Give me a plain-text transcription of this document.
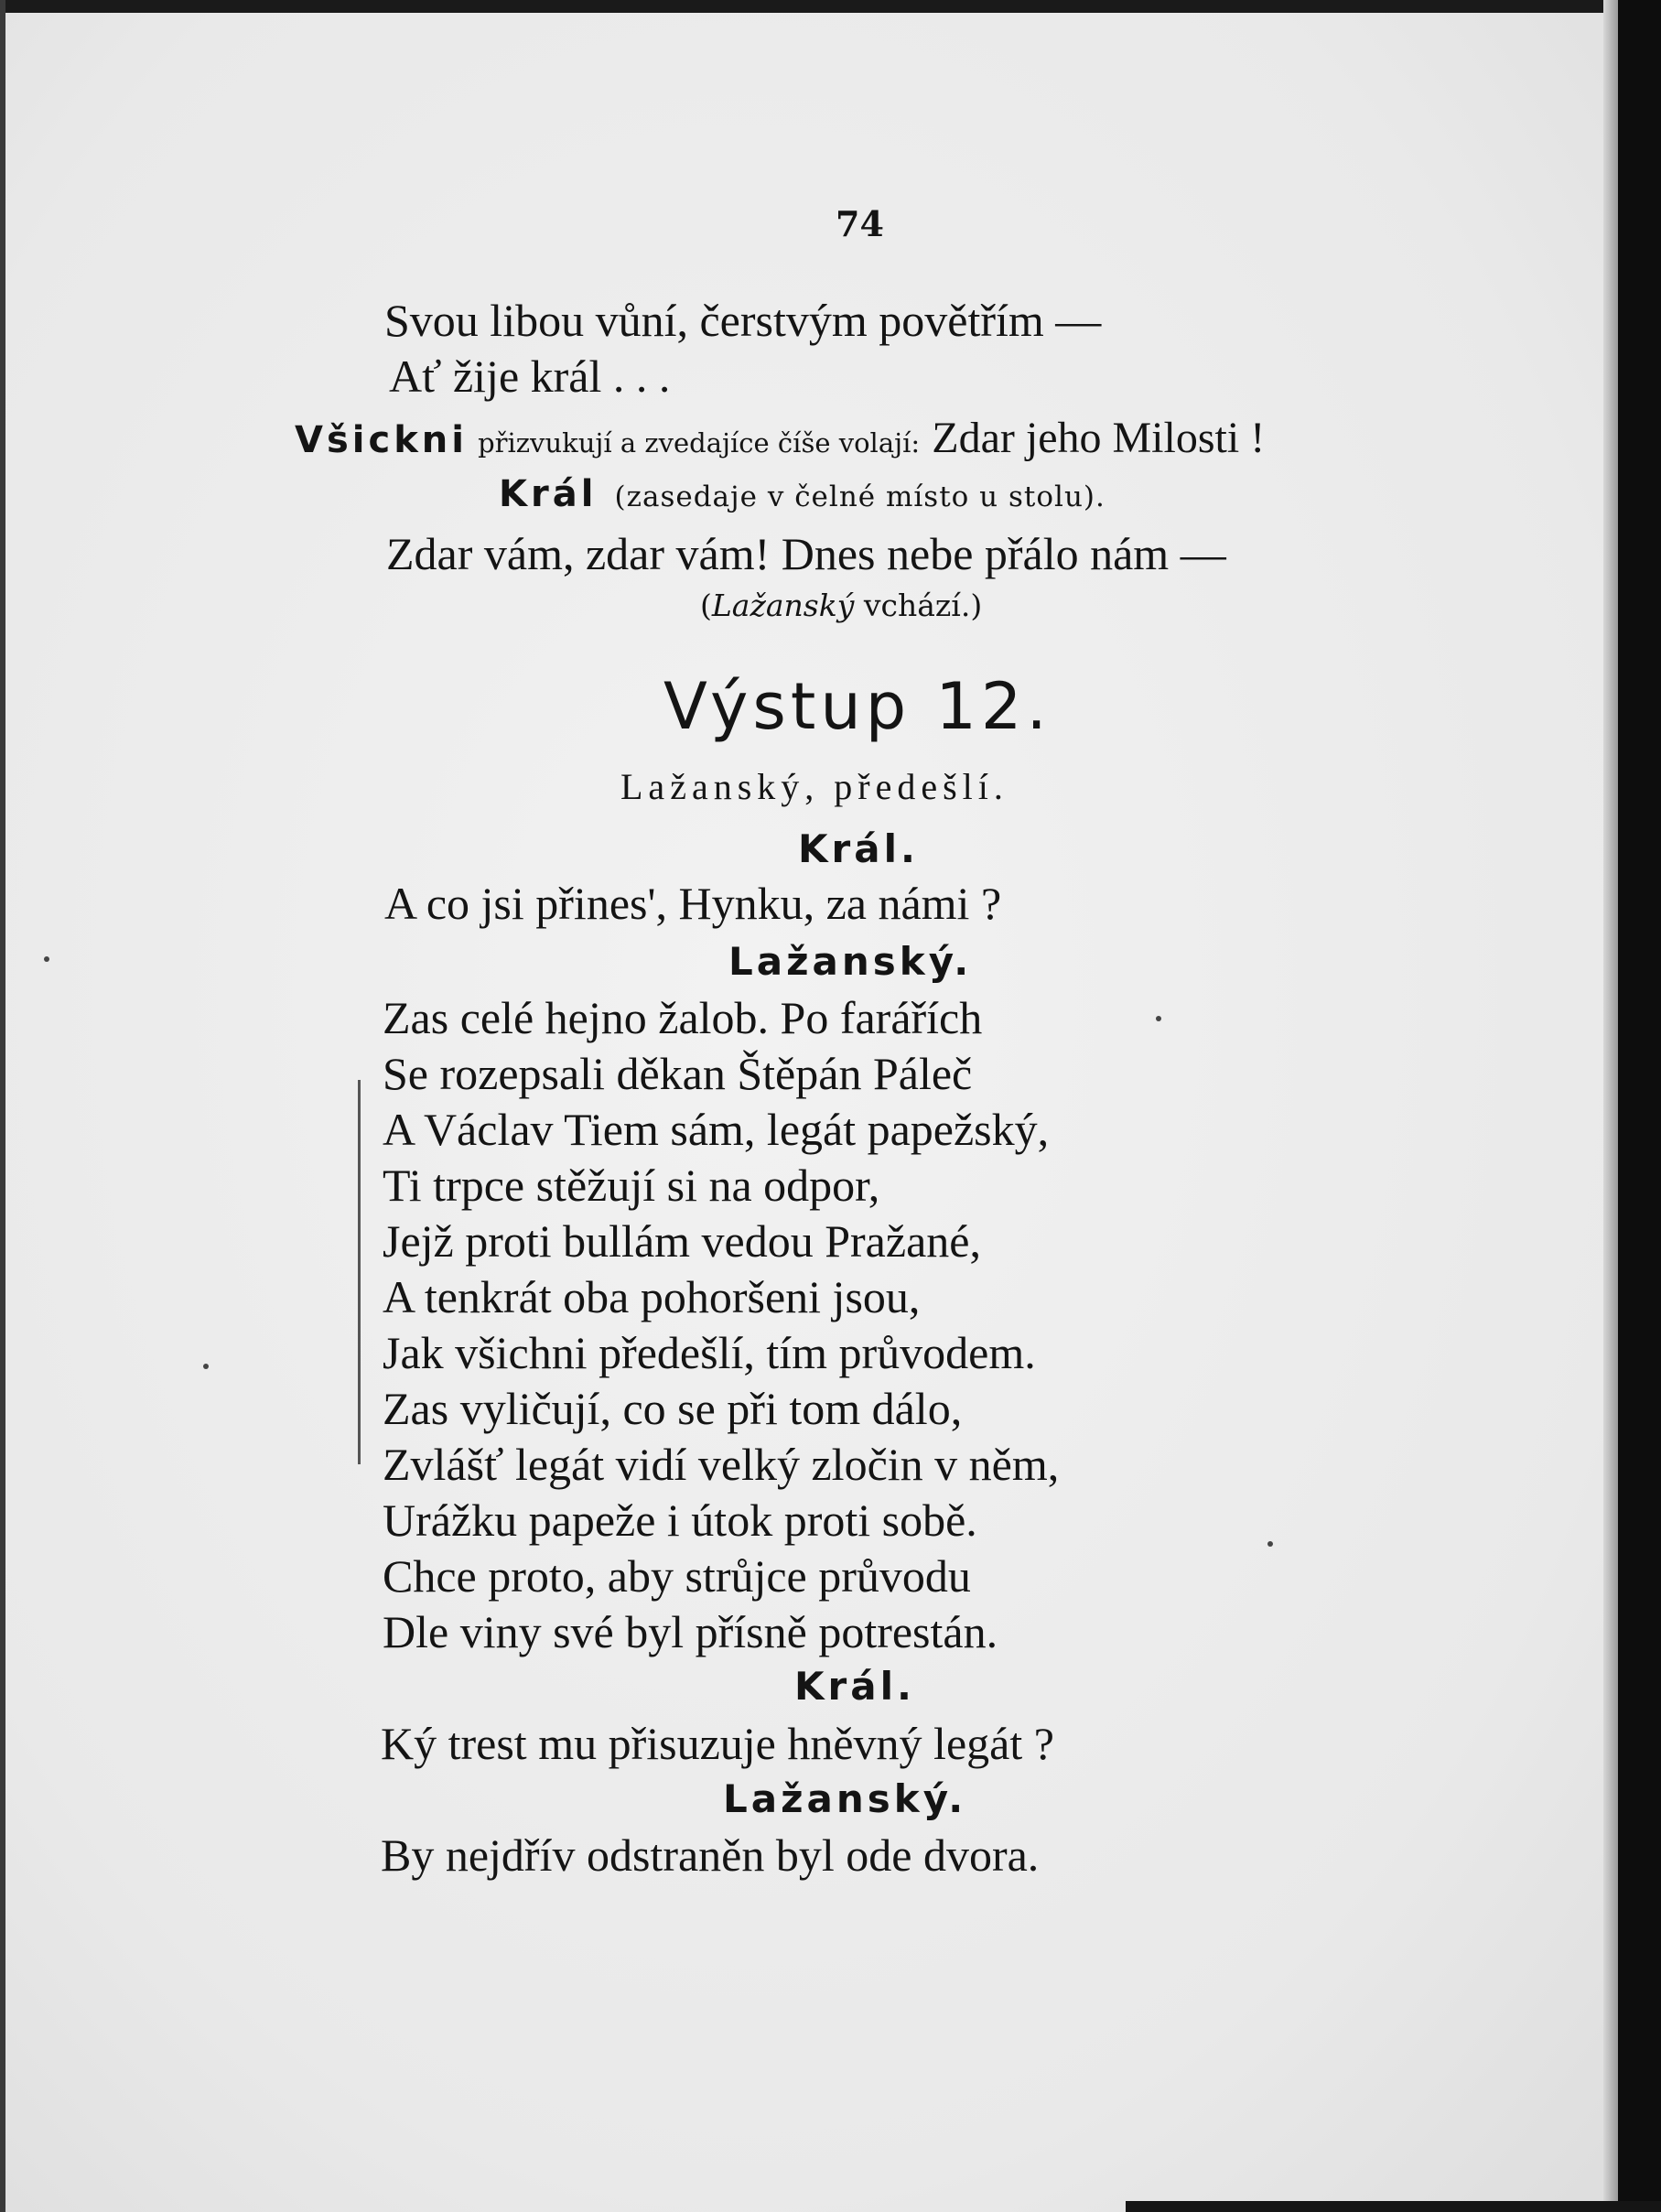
74
Svou libou vůní, čerstvým povětřím —
Ať žije král . . .
Všickni přizvukují a zvedajíce číše volají: Zdar jeho Milosti !
Král (zasedaje v čelné místo u stolu).
Zdar vám, zdar vám! Dnes nebe přálo nám —
(Lažanský vchází.)
Výstup 12.
Lažanský, předešlí.
Král.
A co jsi přines', Hynku, za námi ?
Lažanský.
Zas celé hejno žalob. Po farářích
Se rozepsali děkan Štěpán Páleč
A Václav Tiem sám, legát papežský,
Ti trpce stěžují si na odpor,
Jejž proti bullám vedou Pražané,
A tenkrát oba pohoršeni jsou,
Jak všichni předešlí, tím průvodem.
Zas vyličují, co se při tom dálo,
Zvlášť legát vidí velký zločin v něm,
Urážku papeže i útok proti sobě.
Chce proto, aby strůjce průvodu
Dle viny své byl přísně potrestán.
Král.
Ký trest mu přisuzuje hněvný legát ?
Lažanský.
By nejdřív odstraněn byl ode dvora.
